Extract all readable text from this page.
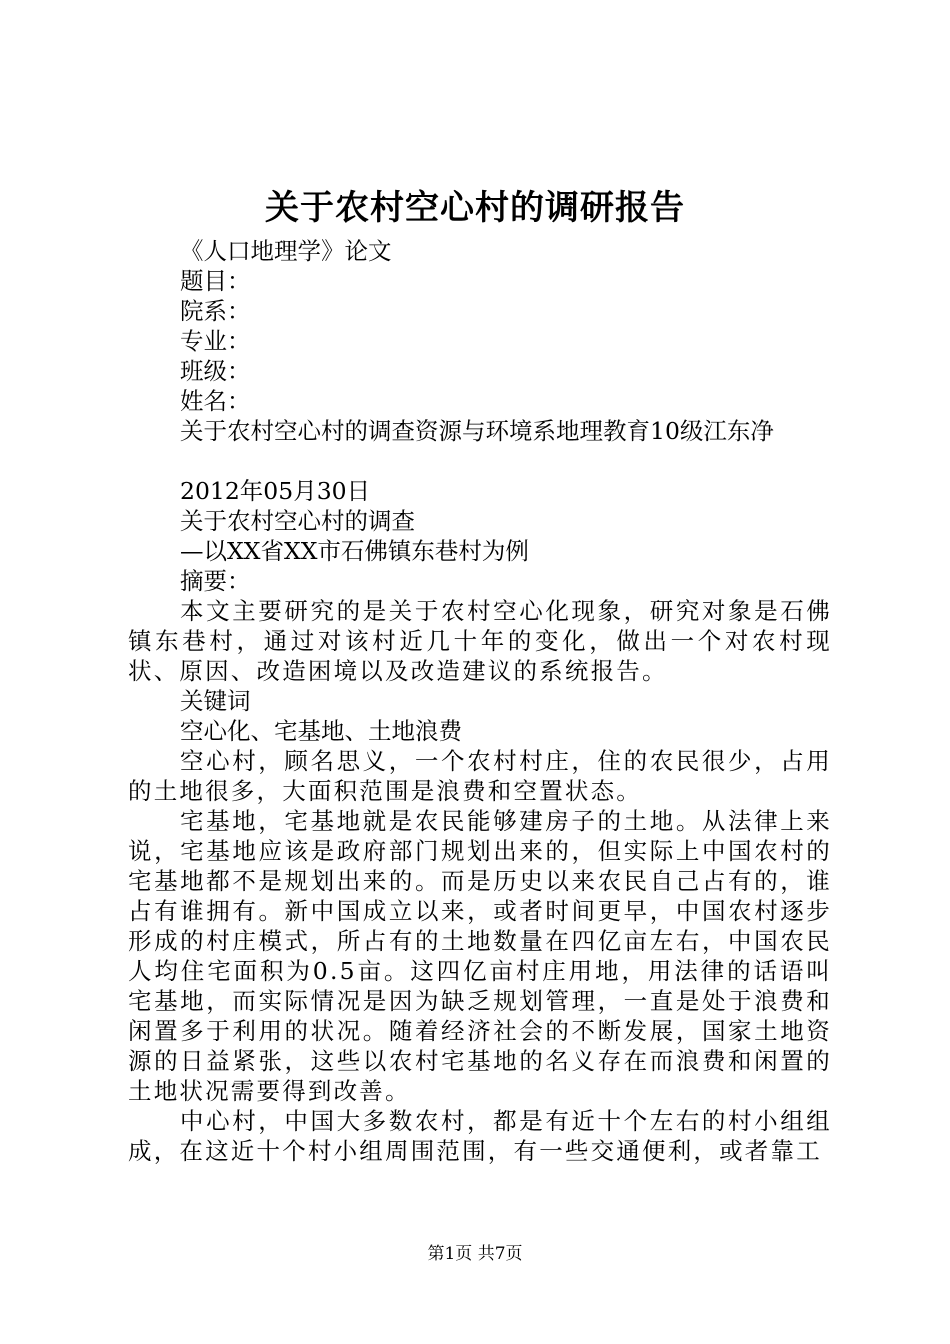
关于农村空心村的调研报告
《人口地理学》论文
题目：
院系：
专业：
班级：
姓名：
关于农村空心村的调查资源与环境系地理教育10级江东净
2012年05月30日
关于农村空心村的调查
—以XX省XX市石佛镇东巷村为例
摘要：
本文主要研究的是关于农村空心化现象，研究对象是石佛镇东巷村，通过对该村近几十年的变化，做出一个对农村现状、原因、改造困境以及改造建议的系统报告。
关键词
空心化、宅基地、土地浪费
空心村，顾名思义，一个农村村庄，住的农民很少，占用的土地很多，大面积范围是浪费和空置状态。
宅基地，宅基地就是农民能够建房子的土地。从法律上来说，宅基地应该是政府部门规划出来的，但实际上中国农村的宅基地都不是规划出来的。而是历史以来农民自己占有的，谁占有谁拥有。新中国成立以来，或者时间更早，中国农村逐步形成的村庄模式，所占有的土地数量在四亿亩左右，中国农民人均住宅面积为0.5亩。这四亿亩村庄用地，用法律的话语叫宅基地，而实际情况是因为缺乏规划管理，一直是处于浪费和闲置多于利用的状况。随着经济社会的不断发展，国家土地资源的日益紧张，这些以农村宅基地的名义存在而浪费和闲置的土地状况需要得到改善。
中心村，中国大多数农村，都是有近十个左右的村小组组成，在这近十个村小组周围范围，有一些交通便利，或者靠工
第1页 共7页
